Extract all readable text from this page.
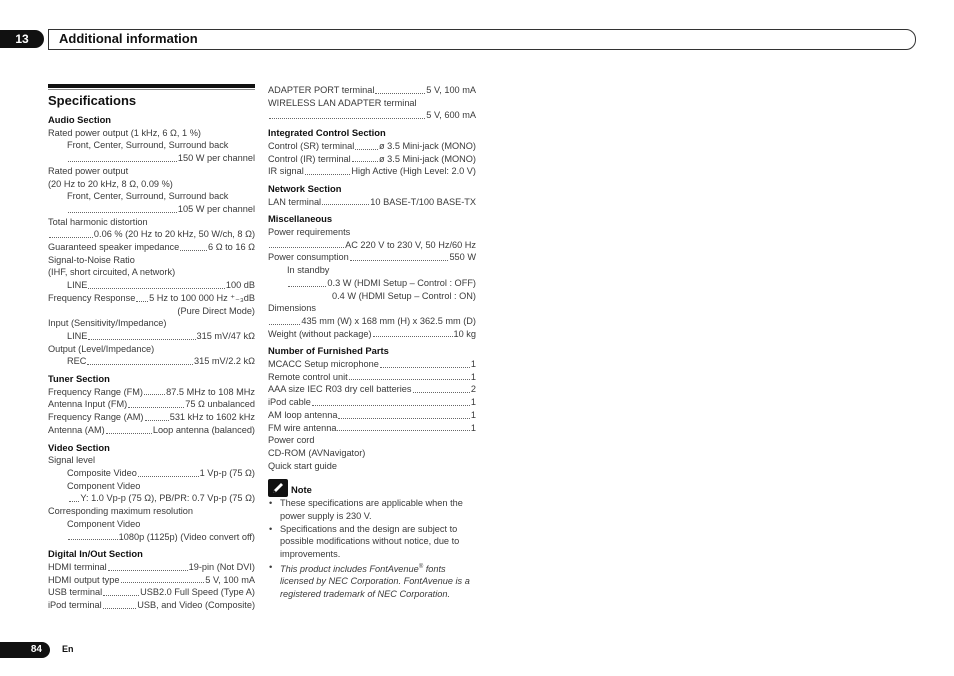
13	Additional information
Specifications
Audio Section
Rated power output (1 kHz, 6 Ω, 1 %)
Front, Center, Surround, Surround back
150 W per channel
Rated power output
(20 Hz to 20 kHz, 8 Ω, 0.09 %)
Front, Center, Surround, Surround back
105 W per channel
Total harmonic distortion
0.06 % (20 Hz to 20 kHz, 50 W/ch, 8 Ω)
Guaranteed speaker impedance	6 Ω to 16 Ω
Signal-to-Noise Ratio
(IHF, short circuited, A network)
LINE	100 dB
Frequency Response 5 Hz to 100 000 Hz ⁺₋₃ dB
(Pure Direct Mode)
Input (Sensitivity/Impedance)
LINE	315 mV/47 kΩ
Output (Level/Impedance)
REC	315 mV/2.2 kΩ
Tuner Section
Frequency Range (FM)	87.5 MHz to 108 MHz
Antenna Input (FM)	75 Ω unbalanced
Frequency Range (AM)	531 kHz to 1602 kHz
Antenna (AM)	Loop antenna (balanced)
Video Section
Signal level
Composite Video	1 Vp-p (75 Ω)
Component Video
Y: 1.0 Vp-p (75 Ω), PB/PR: 0.7 Vp-p (75 Ω)
Corresponding maximum resolution
Component Video
1080p (1125p) (Video convert off)
Digital In/Out Section
HDMI terminal	19-pin (Not DVI)
HDMI output type	5 V, 100 mA
USB terminal	USB2.0 Full Speed (Type A)
iPod terminal	USB, and Video (Composite)
ADAPTER PORT terminal	5 V, 100 mA
WIRELESS LAN ADAPTER terminal
5 V, 600 mA
Integrated Control Section
Control (SR) terminal	ø 3.5 Mini-jack (MONO)
Control (IR) terminal	ø 3.5 Mini-jack (MONO)
IR signal	High Active (High Level: 2.0 V)
Network Section
LAN terminal	10 BASE-T/100 BASE-TX
Miscellaneous
Power requirements
AC 220 V to 230 V, 50 Hz/60 Hz
Power consumption	550 W
In standby
0.3 W (HDMI Setup – Control : OFF)
0.4 W (HDMI Setup – Control : ON)
Dimensions
435 mm (W) x 168 mm (H) x 362.5 mm (D)
Weight (without package)	10 kg
Number of Furnished Parts
MCACC Setup microphone	1
Remote control unit	1
AAA size IEC R03 dry cell batteries	2
iPod cable	1
AM loop antenna	1
FM wire antenna	1
Power cord
CD-ROM (AVNavigator)
Quick start guide
Note
• These specifications are applicable when the power supply is 230 V.
• Specifications and the design are subject to possible modifications without notice, due to improvements.
• This product includes FontAvenue® fonts licensed by NEC Corporation. FontAvenue is a registered trademark of NEC Corporation.
84	En
